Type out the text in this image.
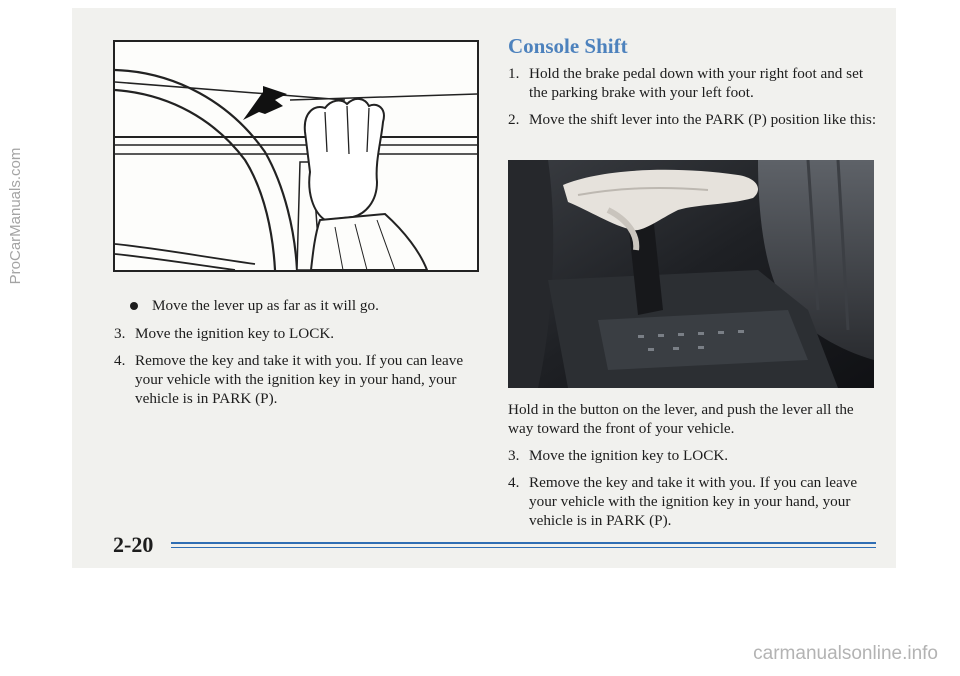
ProCarManuals.com
Move the lever up as far as it will go.
3. Move the ignition key to LOCK.
4. Remove the key and take it with you. If you can leave your vehicle with the ignition key in your hand, your vehicle is in PARK (P).
Console Shift
1. Hold the brake pedal down with your right foot and set the parking brake with your left foot.
2. Move the shift lever into the PARK (P) position like this:
Hold in the button on the lever, and push the lever all the way toward the front of your vehicle.
3. Move the ignition key to LOCK.
4. Remove the key and take it with you. If you can leave your vehicle with the ignition key in your hand, your vehicle is in PARK (P).
2-20
carmanualsonline.info
